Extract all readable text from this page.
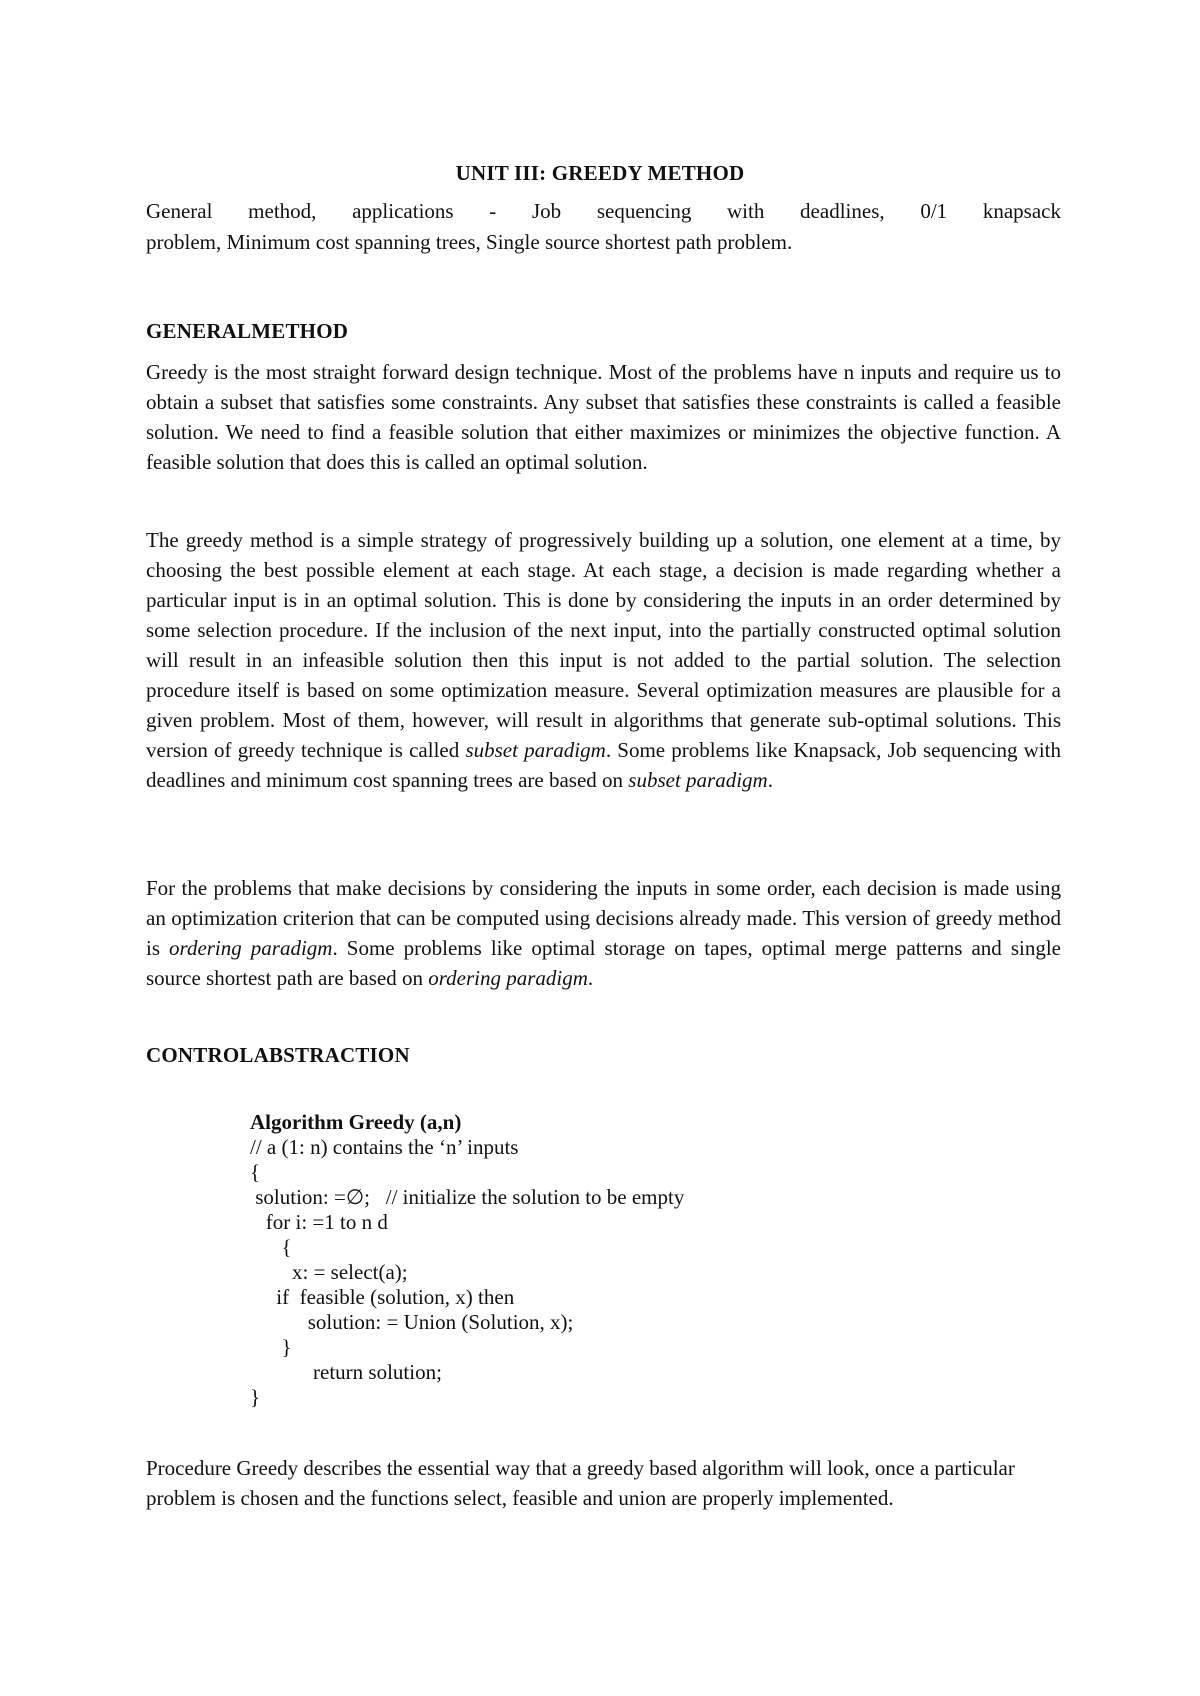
UNIT III: GREEDY METHOD

General method, applications - Job sequencing with deadlines, 0/1 knapsack

problem, Minimum cost spanning trees, Single source shortest path problem.

GENERALMETHOD

Greedy is the most straight forward design technique. Most of the problems have n inputs and require us to obtain a subset that satisfies some constraints. Any subset that satisfies these constraints is called a feasible solution. We need to find a feasible solution that either maximizes or minimizes the objective function. A feasible solution that does this is called an optimal solution.

The greedy method is a simple strategy of progressively building up a solution, one element at a time, by choosing the best possible element at each stage. At each stage, a decision is made regarding whether a particular input is in an optimal solution. This is done by considering the inputs in an order determined by some selection procedure. If the inclusion of the next input, into the partially constructed optimal solution will result in an infeasible solution then this input is not added to the partial solution. The selection procedure itself is based on some optimization measure. Several optimization measures are plausible for a given problem. Most of them, however, will result in algorithms that generate sub-optimal solutions. This version of greedy technique is called subset paradigm. Some problems like Knapsack, Job sequencing with deadlines and minimum cost spanning trees are based on subset paradigm.

For the problems that make decisions by considering the inputs in some order, each decision is made using an optimization criterion that can be computed using decisions already made. This version of greedy method is ordering paradigm. Some problems like optimal storage on tapes, optimal merge patterns and single source shortest path are based on ordering paradigm.

CONTROLABSTRACTION
Algorithm Greedy (a,n)
// a (1: n) contains the ‘n’ inputs
{
solution: =∅;   // initialize the solution to be empty
for i: =1 to n d
{
x: = select(a);
if  feasible (solution, x) then
solution: = Union (Solution, x);
}
return solution;
}

Procedure Greedy describes the essential way that a greedy based algorithm will look, once a particular problem is chosen and the functions select, feasible and union are properly implemented.
